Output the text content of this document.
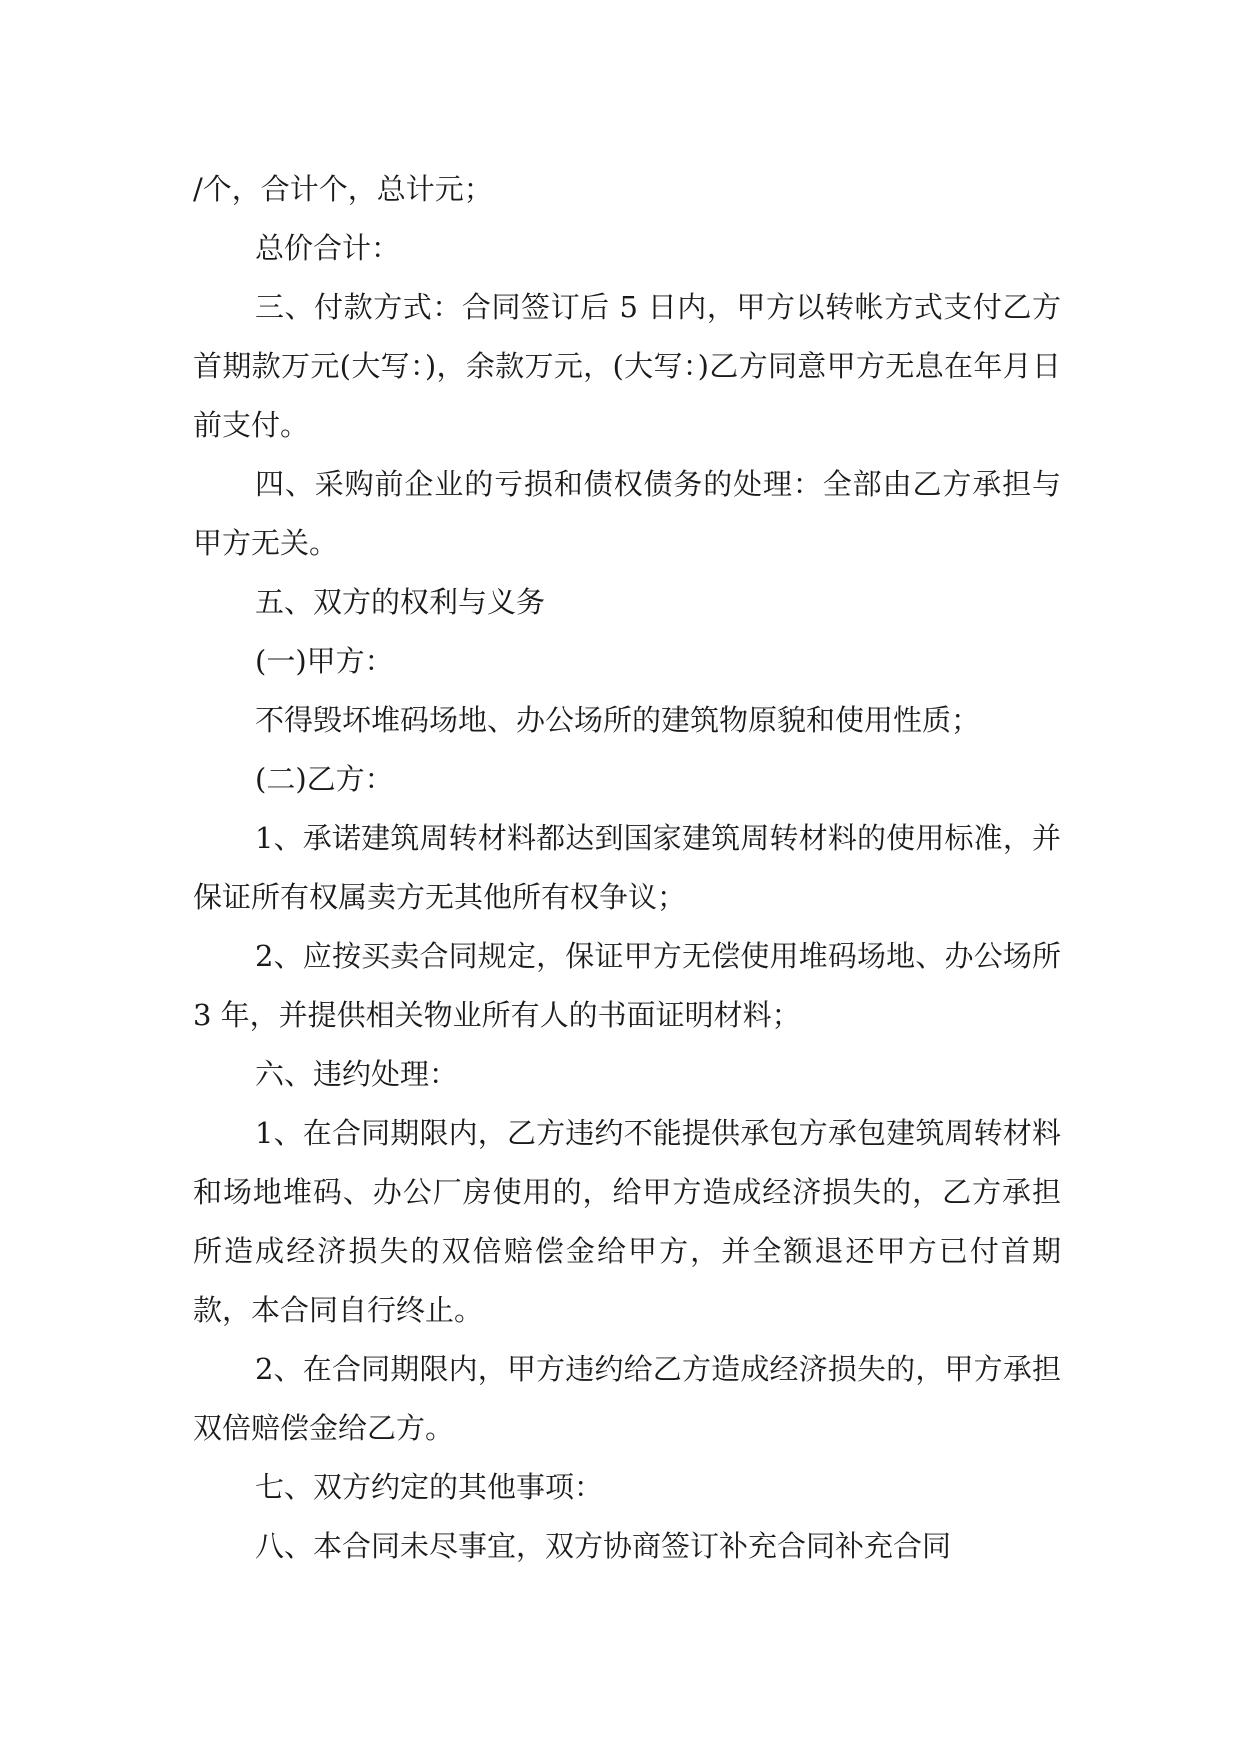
/个，合计个，总计元；

总价合计：

三、付款方式：合同签订后 5 日内，甲方以转帐方式支付乙方首期款万元(大写：)，余款万元，(大写：)乙方同意甲方无息在年月日前支付。

四、采购前企业的亏损和债权债务的处理：全部由乙方承担与甲方无关。

五、双方的权利与义务

(一)甲方：

不得毁坏堆码场地、办公场所的建筑物原貌和使用性质；

(二)乙方：

1、承诺建筑周转材料都达到国家建筑周转材料的使用标准，并保证所有权属卖方无其他所有权争议；

2、应按买卖合同规定，保证甲方无偿使用堆码场地、办公场所 3 年，并提供相关物业所有人的书面证明材料；

六、违约处理：

1、在合同期限内，乙方违约不能提供承包方承包建筑周转材料和场地堆码、办公厂房使用的，给甲方造成经济损失的，乙方承担所造成经济损失的双倍赔偿金给甲方，并全额退还甲方已付首期款，本合同自行终止。

2、在合同期限内，甲方违约给乙方造成经济损失的，甲方承担双倍赔偿金给乙方。

七、双方约定的其他事项：

八、本合同未尽事宜，双方协商签订补充合同补充合同
